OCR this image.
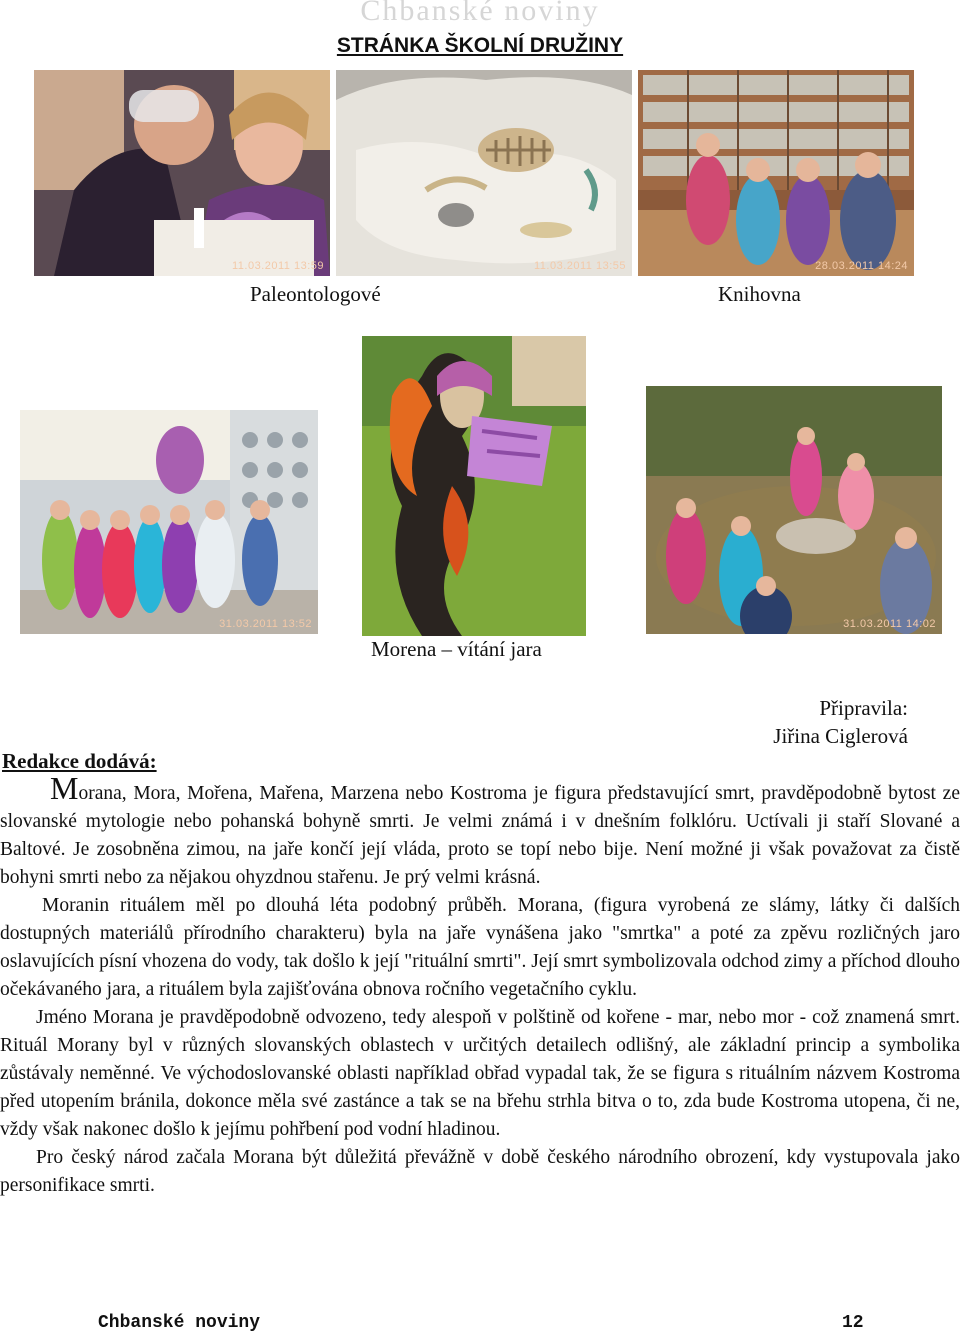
Chbanské noviny
STRÁNKA ŠKOLNÍ DRUŽINY
11.03.2011 13:59	11.03.2011 13:55	28.03.2011 14:24
Paleontologové	Knihovna
31.03.2011 13:52	31.03.2011 14:02
Morena – vítání jara
Připravila:
Jiřina Ciglerová
Redakce dodává:

Morana, Mora, Mořena, Mařena, Marzena nebo Kostroma je figura představující smrt, pravděpodobně bytost ze slovanské mytologie nebo pohanská bohyně smrti. Je velmi známá i v dnešním folklóru. Uctívali ji staří Slované a Baltové. Je zosobněna zimou, na jaře končí její vláda, proto se topí nebo bije. Není možné ji však považovat za čistě bohyni smrti nebo za nějakou ohyzdnou stařenu. Je prý velmi krásná.

Moranin rituálem měl po dlouhá léta podobný průběh. Morana, (figura vyrobená ze slámy, látky či dalších dostupných materiálů přírodního charakteru) byla na jaře vynášena jako "smrtka" a poté za zpěvu rozličných jaro oslavujících písní vhozena do vody, tak došlo k její "rituální smrti". Její smrt symbolizovala odchod zimy a příchod dlouho očekávaného jara, a rituálem byla zajišťována obnova ročního vegetačního cyklu.

Jméno Morana je pravděpodobně odvozeno, tedy alespoň v polštině od kořene - mar, nebo mor - což znamená smrt. Rituál Morany byl v různých slovanských oblastech v určitých detailech odlišný, ale základní princip a symbolika zůstávaly neměnné. Ve východoslovanské oblasti například obřad vypadal tak, že se figura s rituálním názvem Kostroma před utopením bránila, dokonce měla své zastánce a tak se na břehu strhla bitva o to, zda bude Kostroma utopena, či ne, vždy však nakonec došlo k jejímu pohřbení pod vodní hladinou.

Pro český národ začala Morana být důležitá převážně v době českého národního obrození, kdy vystupovala jako personifikace smrti.

Chbanské noviny	12
